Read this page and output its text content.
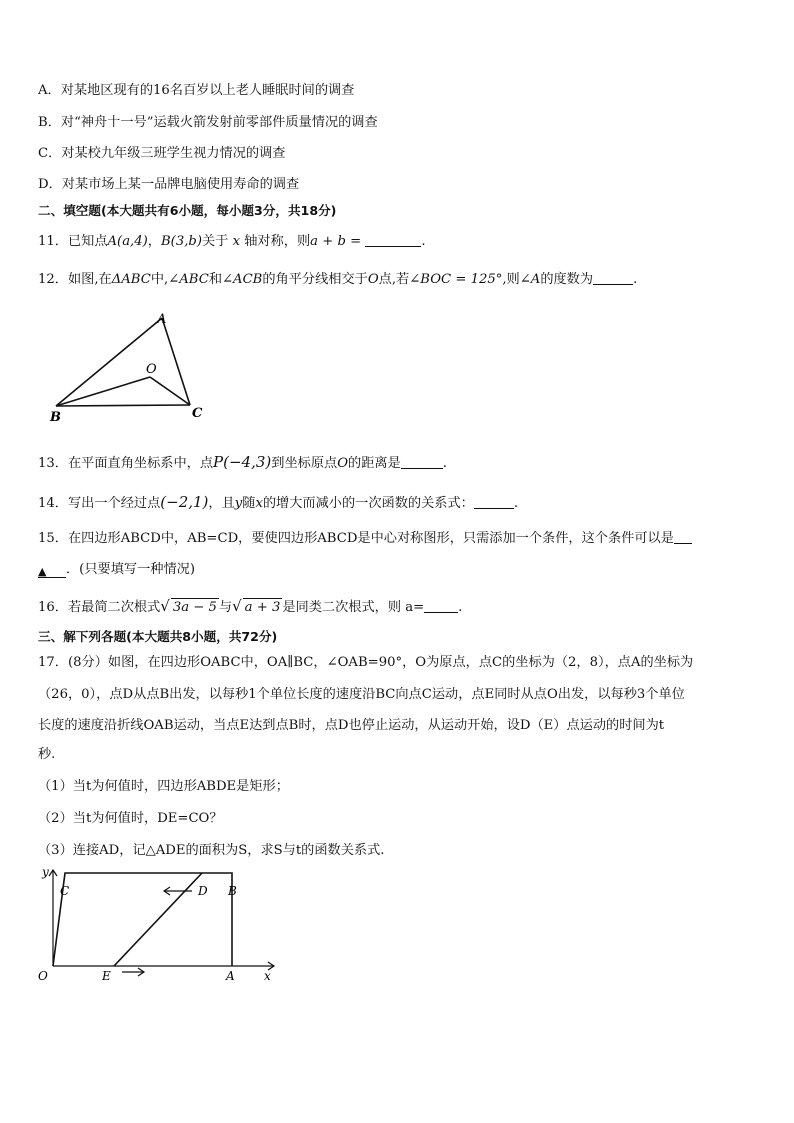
A．对某地区现有的16名百岁以上老人睡眠时间的调查
B．对“神舟十一号”运载火箭发射前零部件质量情况的调查
C．对某校九年级三班学生视力情况的调查
D．对某市场上某一品牌电脑使用寿命的调查
二、填空题(本大题共有6小题，每小题3分，共18分)
11．已知点A(a,4)，B(3,b)关于 x 轴对称，则a + b =	.
12．如图,在ΔABC中,∠ABC和∠ACB的角平分线相交于O点,若∠BOC = 125°,则∠A的度数为	.
A
B	C
O
13．在平面直角坐标系中，点P(−4,3)到坐标原点O的距离是	.
14．写出一个经过点(−2,1)，且y随x的增大而减小的一次函数的关系式：	.
15．在四边形ABCD中，AB=CD，要使四边形ABCD是中心对称图形，只需添加一个条件，这个条件可以是
▲ ．(只要填写一种情况)
16．若最简二次根式√ 3a − 5 与√ a + 3 是同类二次根式，则 a=	.
三、解下列各题(本大题共8小题，共72分)
17．(8分）如图，在四边形OABC中，OA∥BC，∠OAB=90°，O为原点，点C的坐标为（2，8），点A的坐标为
（26，0），点D从点B出发，以每秒1个单位长度的速度沿BC向点C运动，点E同时从点O出发，以每秒3个单位
长度的速度沿折线OAB运动，当点E达到点B时，点D也停止运动，从运动开始，设D（E）点运动的时间为t
秒.
（1）当t为何值时，四边形ABDE是矩形；
（2）当t为何值时，DE=CO？
（3）连接AD，记△ADE的面积为S，求S与t的函数关系式.
y
x
O
C	D B
E	A
